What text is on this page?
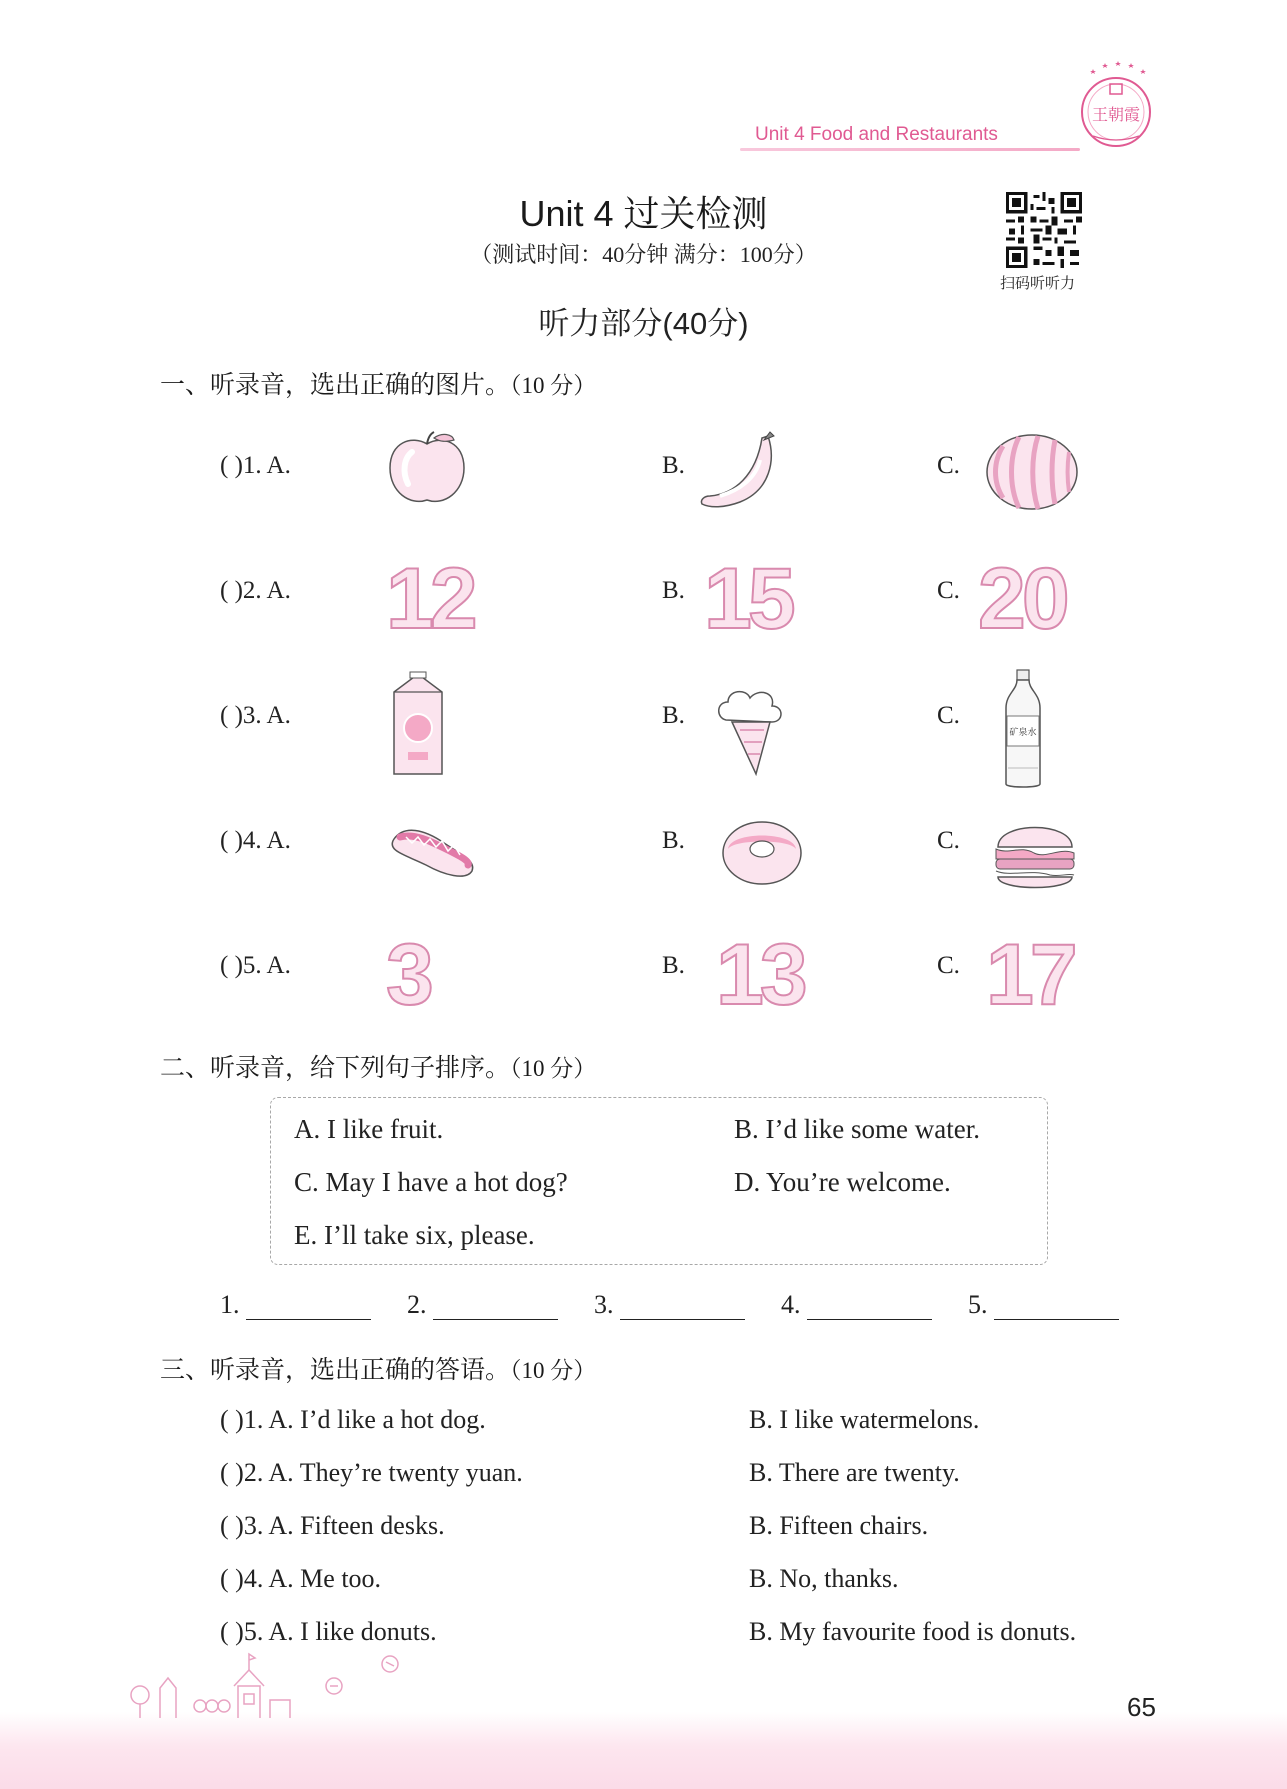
Unit 4 Food and Restaurants
王朝霞
Unit 4 过关检测
（测试时间：40分钟 满分：100分）
扫码听听力
听力部分(40分)
一、听录音，选出正确的图片。（10 分）
( )1. A.	B.	C.
( )2. A. 12	B. 15	C. 20
( )3. A.	B.	C.
矿泉水
( )4. A.	B.	C.
( )5. A. 3	B. 13	C. 17
二、听录音，给下列句子排序。（10 分）
A. I like fruit.	B. I’d like some water.
C. May I have a hot dog?	D. You’re welcome.
E. I’ll take six, please.
1.	2.	3.	4.	5.
三、听录音，选出正确的答语。（10 分）
( )1. A. I’d like a hot dog.	B. I like watermelons.
( )2. A. They’re twenty yuan.	B. There are twenty.
( )3. A. Fifteen desks.	B. Fifteen chairs.
( )4. A. Me too.	B. No, thanks.
( )5. A. I like donuts.	B. My favourite food is donuts.
65
